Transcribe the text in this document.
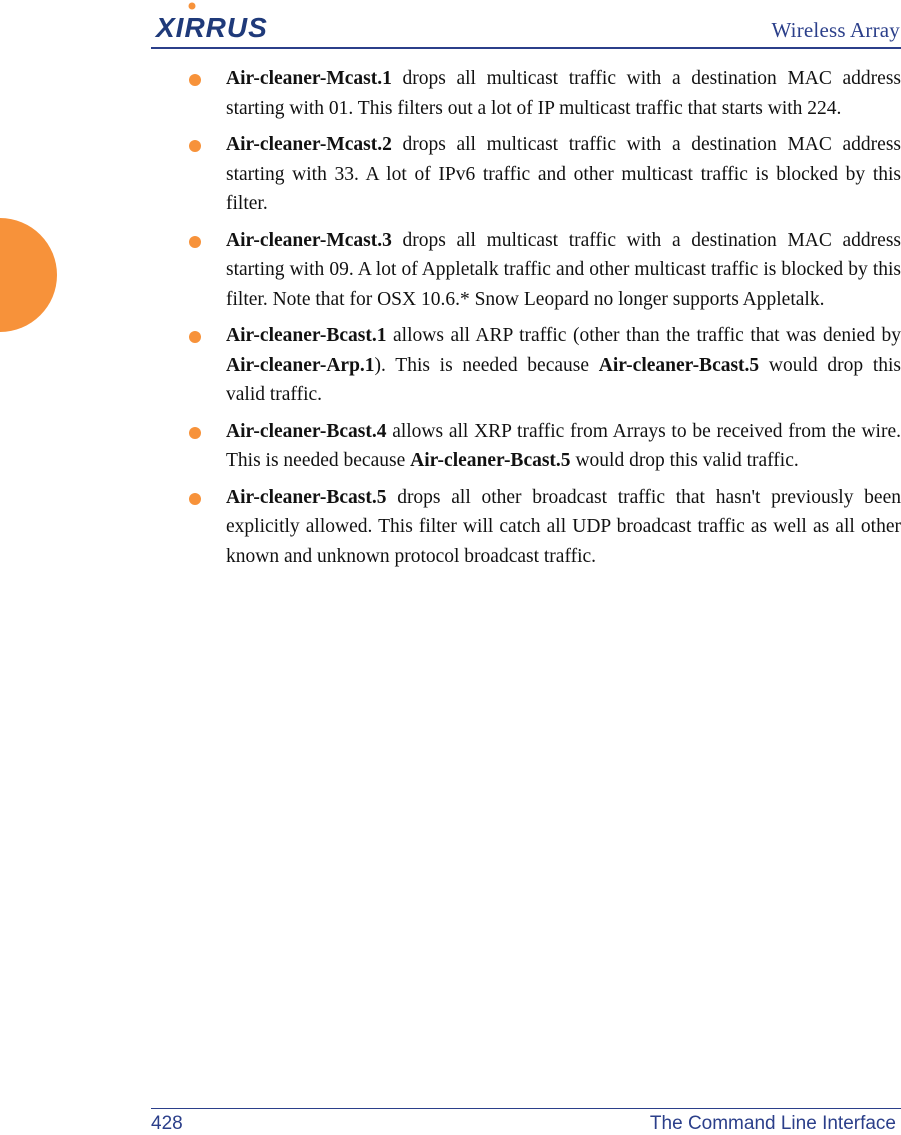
XIRRUS	Wireless Array
Air-cleaner-Mcast.1 drops all multicast traffic with a destination MAC address starting with 01. This filters out a lot of IP multicast traffic that starts with 224.
Air-cleaner-Mcast.2 drops all multicast traffic with a destination MAC address starting with 33. A lot of IPv6 traffic and other multicast traffic is blocked by this filter.
Air-cleaner-Mcast.3 drops all multicast traffic with a destination MAC address starting with 09. A lot of Appletalk traffic and other multicast traffic is blocked by this filter. Note that for OSX 10.6.* Snow Leopard no longer supports Appletalk.
Air-cleaner-Bcast.1 allows all ARP traffic (other than the traffic that was denied by Air-cleaner-Arp.1). This is needed because Air-cleaner-Bcast.5 would drop this valid traffic.
Air-cleaner-Bcast.4 allows all XRP traffic from Arrays to be received from the wire. This is needed because Air-cleaner-Bcast.5 would drop this valid traffic.
Air-cleaner-Bcast.5 drops all other broadcast traffic that hasn't previously been explicitly allowed. This filter will catch all UDP broadcast traffic as well as all other known and unknown protocol broadcast traffic.
428	The Command Line Interface
